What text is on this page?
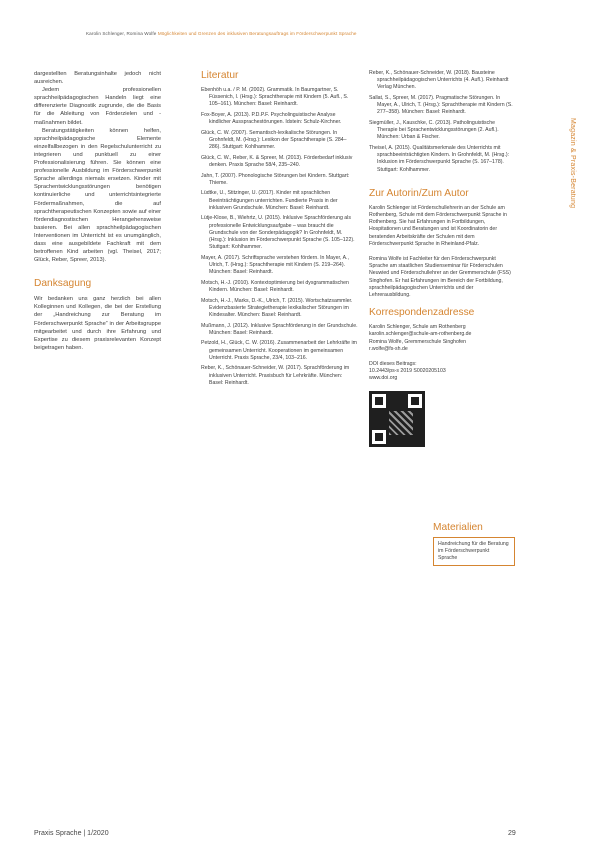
Karolin Schlenger, Romina Wolfe Möglichkeiten und Grenzen des inklusiven Beratungsauftrags im Förderschwerpunkt Sprache
Magazin & Praxis-Beratung

dargestellten Beratungsinhalte jedoch nicht ausreichen.

Jedem professionellen sprachheilpädagogischen Handeln liegt eine differenzierte Diagnostik zugrunde, die die Basis für die Ableitung von Förderzielen und -maßnahmen bildet.

Beratungstätigkeiten können helfen, sprachheilpädagogische Elemente einzelfallbezogen in den Regelschulunterricht zu integrieren und punktuell zu einer Professionalisierung führen. Sie können eine professionelle Ausbildung im Förderschwerpunkt Sprache allerdings niemals ersetzen. Kinder mit Sprachentwicklungsstörungen benötigen kontinuierliche und unterrichtsintegrierte Fördermaßnahmen, die auf sprachtherapeutischen Konzepten sowie auf einer fördendiagnostischen Herangehensweise basieren. Bei allen sprachheilpädagogischen Interventionen im Unterricht ist es unumgänglich, dass eine ausgebildete Fachkraft mit dem betroffenen Kind arbeiten (vgl. Theisel, 2017; Glück, Reber, Spreer, 2013).

Danksagung

Wir bedanken uns ganz herzlich bei allen Kolleginnen und Kollegen, die bei der Erstellung der „Handreichung zur Beratung im Förderschwerpunkt Sprache“ in der Arbeitsgruppe mitgearbeitet und durch ihre Erfahrung und Expertise zu diesem praxisrelevanten Konzept beigetragen haben.

Literatur

Ebenhöh u.a. / P. M. (2002). Grammatik. In Baumgartner, S. Füssenich, I. (Hrsg.): Sprachtherapie mit Kindern (5. Aufl., S. 105–161). München: Basel: Reinhardt.

Fox-Boyer, A. (2013). P.D.P.F. Psycholinguistische Analyse kindlicher Aussprachestörungen. Idstein: Schulz-Kirchner.

Glück, C. W. (2007). Semantisch-lexikalische Störungen. In Grohnfeldt, M. (Hrsg.): Lexikon der Sprachtherapie (S. 284–286). Stuttgart: Kohlhammer.

Glück, C. W., Reber, K. & Spreer, M. (2013). Förderbedarf inklusiv denken. Praxis Sprache 58/4, 235–240.

Jahn, T. (2007). Phonologische Störungen bei Kindern. Stuttgart: Thieme.

Lüdtke, U., Stitzinger, U. (2017). Kinder mit sprachlichen Beeinträchtigungen unterrichten. Fundierte Praxis in der inklusiven Grundschule. München: Basel: Reinhardt.

Lütje-Klose, B., Wiehrtz, U. (2015). Inklusive Sprachförderung als professionelle Entwicklungsaufgabe – was braucht die Grundschule von der Sonderpädagogik? In Grohnfeldt, M. (Hrsg.): Inklusion im Förderschwerpunkt Sprache (S. 105–122). Stuttgart: Kohlhammer.

Mayer, A. (2017). Schriftsprache verstehen fördern. In Mayer, A., Ulrich, T. (Hrsg.): Sprachtherapie mit Kindern (S. 219–264). München: Basel: Reinhardt.

Motsch, H.-J. (2010). Kontextoptimierung bei dysgrammatischen Kindern. München: Basel: Reinhardt.

Motsch, H.-J., Marks, D.-K., Ulrich, T. (2015). Wortschatzsammler. Evidenzbasierte Strategietherapie lexikalischer Störungen im Kindesalter. München: Basel: Reinhardt.

Mußmann, J. (2012). Inklusive Sprachförderung in der Grundschule. München: Basel: Reinhardt.

Petzold, H., Glück, C. W. (2016). Zusammenarbeit der Lehrkräfte im gemeinsamen Unterricht. Kooperationen im gemeinsamen Unterricht. Praxis Sprache, 23/4, 103–216.

Reber, K., Schönauer-Schneider, W. (2017). Sprachförderung im inklusiven Unterricht. Praxisbuch für Lehrkräfte. München: Basel: Reinhardt.

Reber, K., Schönauer-Schneider, W. (2018). Bausteine sprachheilpädagogischen Unterrichts (4. Aufl.). Reinhardt Verlag München.

Sallat, S., Spreer, M. (2017). Pragmatische Störungen. In Mayer, A., Ulrich, T. (Hrsg.): Sprachtherapie mit Kindern (S. 277–358). München: Basel: Reinhardt.

Siegmüller, J., Kauschke, C. (2013). Patholinguistische Therapie bei Sprachentwicklungsstörungen (2. Aufl.). München: Urban & Fischer.

Theisel, A. (2015). Qualitätsmerkmale des Unterrichts mit sprachbeeinträchtigten Kindern. In Grohnfeldt, M. (Hrsg.): Inklusion im Förderschwerpunkt Sprache (S. 167–178). Stuttgart: Kohlhammer.

Zur Autorin/Zum Autor

Karolin Schlenger ist Förderschullehrerin an der Schule am Rothenberg, Schule mit dem Förderschwerpunkt Sprache in Rothenberg. Sie hat Erfahrungen in Fortbildungen, Hospitationen und Beratungen und ist Koordinatorin der beratenden Arbeitskräfte der Schulen mit dem Förderschwerpunkt Sprache in Rheinland-Pfalz.

Romina Wolfe ist Fachleiter für den Förderschwerpunkt Sprache am staatlichen Studienseminar für Förderschulen Neuwied und Förderschullehrer an der Gremmerschule (FSS) Singhofen. Er hat Erfahrungen im Bereich der Fortbildung, sprachheilpädagogischen Unterrichts und der Lehrerausbildung.

Korrespondenzadresse
Karolin Schlenger, Schule am Rothenberg
karolin.schlenger@schule-am-rothenberg.de
Romina Wolfe, Gremmerschule Singhofen
r.wolfe@fs-sh.de
DOI dieses Beitrags:
10.2443/ps-s 2019 S0020205103
www.doi.org
Materialien
Handreichung für die Beratung im Förderschwerpunkt Sprache
Praxis Sprache | 1/2020	29
